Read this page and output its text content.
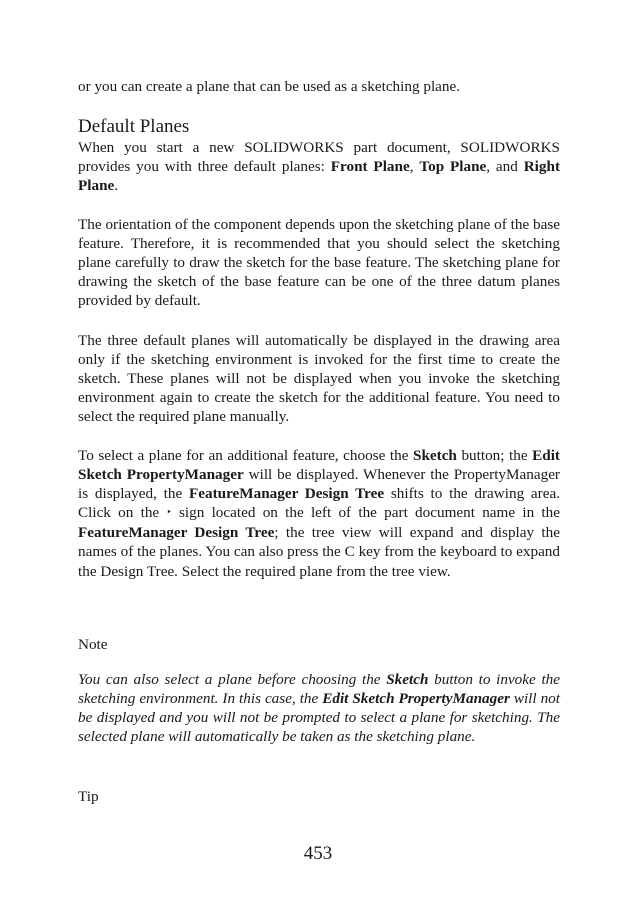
or you can create a plane that can be used as a sketching plane.

Default Planes

When you start a new SOLIDWORKS part document, SOLIDWORKS provides you with three default planes: Front Plane, Top Plane, and Right Plane.

The orientation of the component depends upon the sketching plane of the base feature. Therefore, it is recommended that you should select the sketching plane carefully to draw the sketch for the base feature. The sketching plane for drawing the sketch of the base feature can be one of the three datum planes provided by default.

The three default planes will automatically be displayed in the drawing area only if the sketching environment is invoked for the first time to create the sketch. These planes will not be displayed when you invoke the sketching environment again to create the sketch for the additional feature. You need to select the required plane manually.

To select a plane for an additional feature, choose the Sketch button; the Edit Sketch PropertyManager will be displayed. Whenever the PropertyManager is displayed, the FeatureManager Design Tree shifts to the drawing area. Click on the ‣ sign located on the left of the part document name in the FeatureManager Design Tree; the tree view will expand and display the names of the planes. You can also press the C key from the keyboard to expand the Design Tree. Select the required plane from the tree view.

Note

You can also select a plane before choosing the Sketch button to invoke the sketching environment. In this case, the Edit Sketch PropertyManager will not be displayed and you will not be prompted to select a plane for sketching. The selected plane will automatically be taken as the sketching plane.

Tip

453
